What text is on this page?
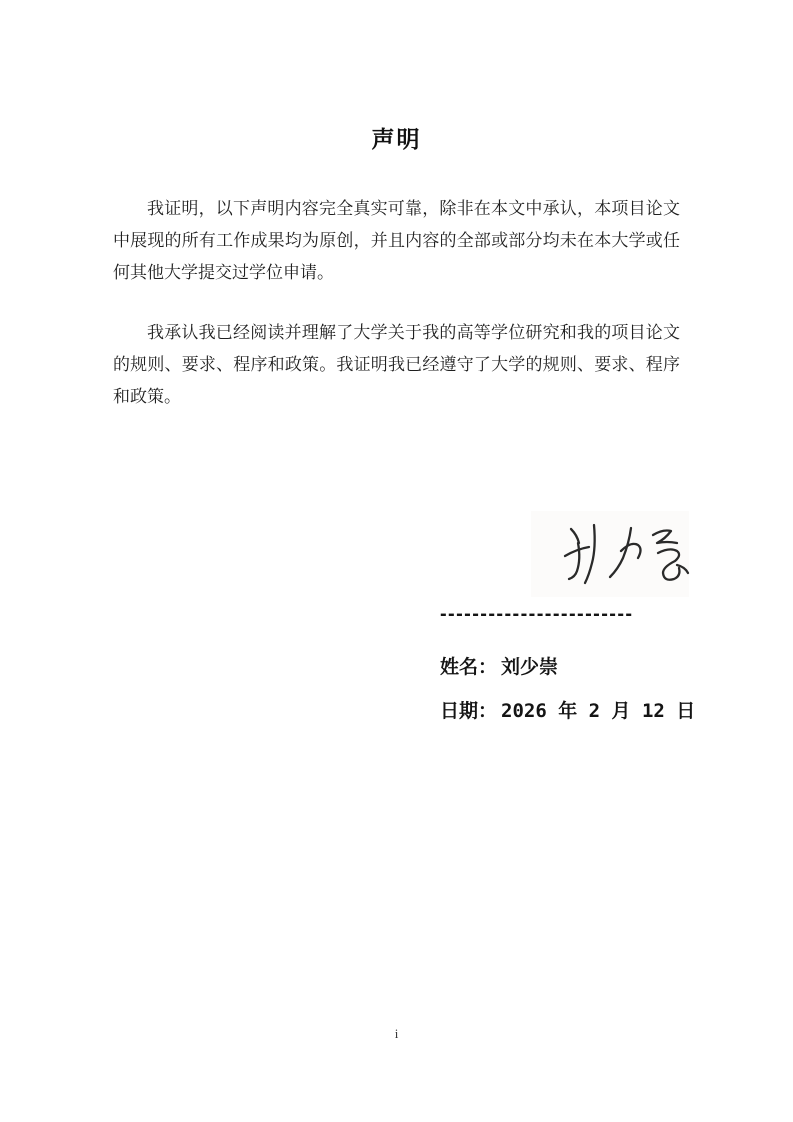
声明

我证明，以下声明内容完全真实可靠，除非在本文中承认，本项目论文中展现的所有工作成果均为原创，并且内容的全部或部分均未在本大学或任何其他大学提交过学位申请。

我承认我已经阅读并理解了大学关于我的高等学位研究和我的项目论文的规则、要求、程序和政策。我证明我已经遵守了大学的规则、要求、程序和政策。

------------------------
姓名： 刘少崇
日期： 2026 年 2 月 12 日
i
